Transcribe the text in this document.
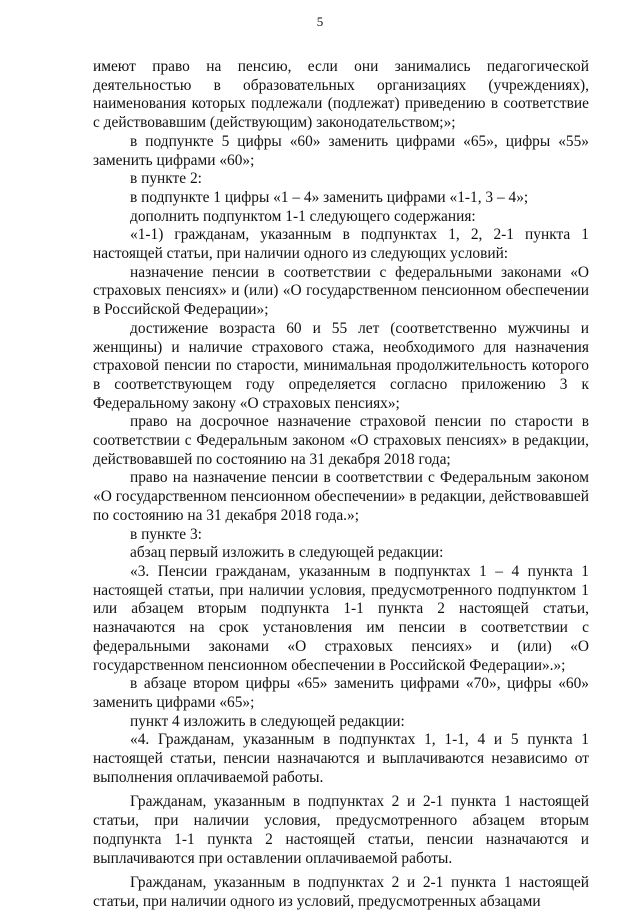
5

имеют право на пенсию, если они занимались педагогической деятельностью в образовательных организациях (учреждениях), наименования которых подлежали (подлежат) приведению в соответствие с действовавшим (действующим) законодательством;»;

в подпункте 5 цифры «60» заменить цифрами «65», цифры «55» заменить цифрами «60»;

в пункте 2:

в подпункте 1 цифры «1 – 4» заменить цифрами «1-1, 3 – 4»;

дополнить подпунктом 1-1 следующего содержания:

«1-1) гражданам, указанным в подпунктах 1, 2, 2-1 пункта 1 настоящей статьи, при наличии одного из следующих условий:

назначение пенсии в соответствии с федеральными законами «О страховых пенсиях» и (или) «О государственном пенсионном обеспечении в Российской Федерации»;

достижение возраста 60 и 55 лет (соответственно мужчины и женщины) и наличие страхового стажа, необходимого для назначения страховой пенсии по старости, минимальная продолжительность которого в соответствующем году определяется согласно приложению 3 к Федеральному закону «О страховых пенсиях»;

право на досрочное назначение страховой пенсии по старости в соответствии с Федеральным законом «О страховых пенсиях» в редакции, действовавшей по состоянию на 31 декабря 2018 года;

право на назначение пенсии в соответствии с Федеральным законом «О государственном пенсионном обеспечении» в редакции, действовавшей по состоянию на 31 декабря 2018 года.»;

в пункте 3:

абзац первый изложить в следующей редакции:

«3. Пенсии гражданам, указанным в подпунктах 1 – 4 пункта 1 настоящей статьи, при наличии условия, предусмотренного подпунктом 1 или абзацем вторым подпункта 1-1 пункта 2 настоящей статьи, назначаются на срок установления им пенсии в соответствии с федеральными законами «О страховых пенсиях» и (или) «О государственном пенсионном обеспечении в Российской Федерации».»;

в абзаце втором цифры «65» заменить цифрами «70», цифры «60» заменить цифрами «65»;

пункт 4 изложить в следующей редакции:

«4. Гражданам, указанным в подпунктах 1, 1-1, 4 и 5 пункта 1 настоящей статьи, пенсии назначаются и выплачиваются независимо от выполнения оплачиваемой работы.

Гражданам, указанным в подпунктах 2 и 2-1 пункта 1 настоящей статьи, при наличии условия, предусмотренного абзацем вторым подпункта 1-1 пункта 2 настоящей статьи, пенсии назначаются и выплачиваются при оставлении оплачиваемой работы.

Гражданам, указанным в подпунктах 2 и 2-1 пункта 1 настоящей статьи, при наличии одного из условий, предусмотренных абзацами
